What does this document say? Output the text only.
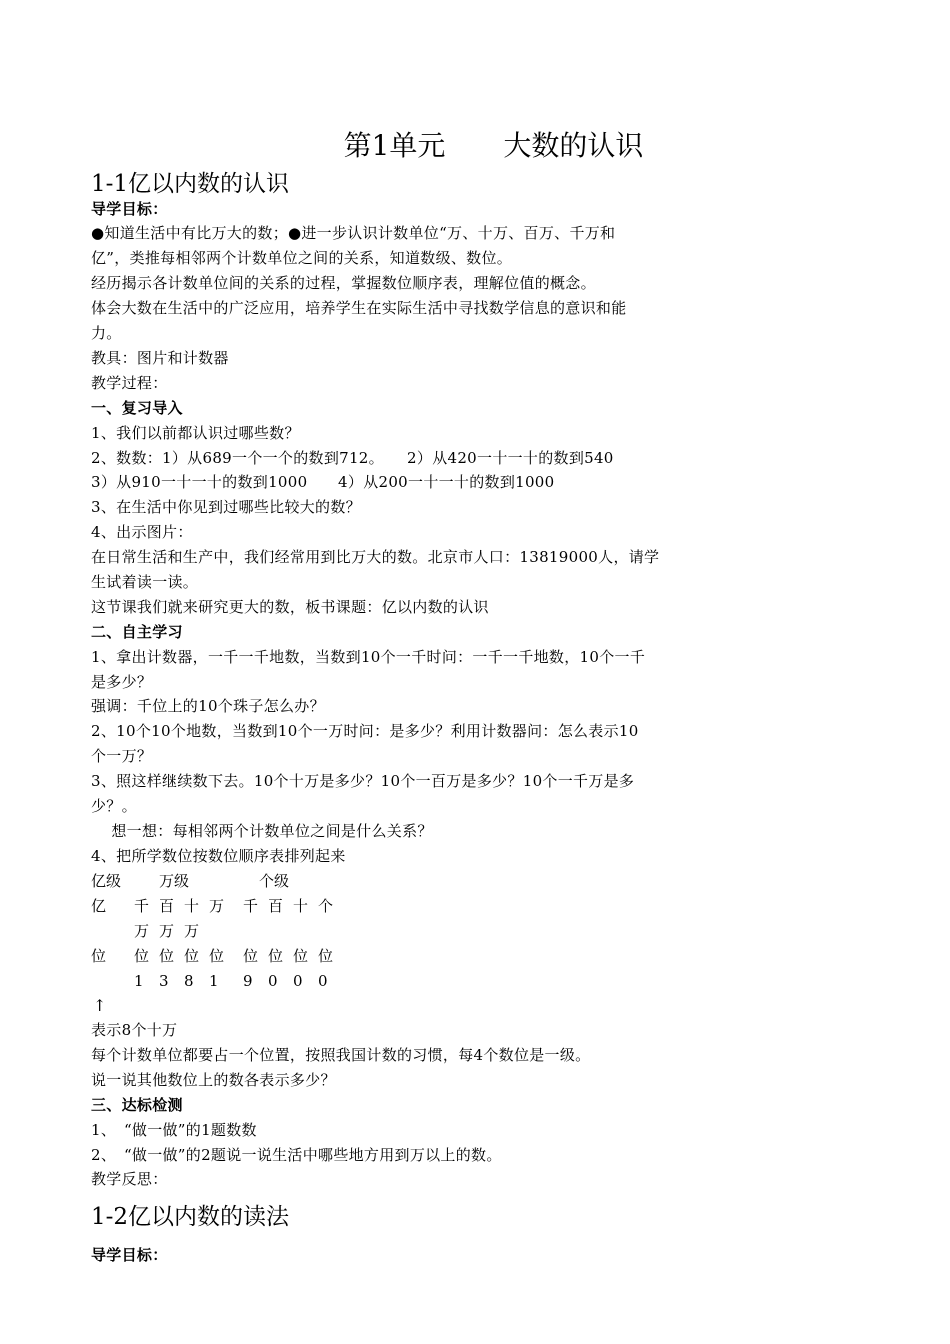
第1单元 大数的认识
1-1亿以内数的认识
导学目标：
●知道生活中有比万大的数；●进一步认识计数单位“万、十万、百万、千万和
亿”，类推每相邻两个计数单位之间的关系，知道数级、数位。
经历揭示各计数单位间的关系的过程，掌握数位顺序表，理解位值的概念。
体会大数在生活中的广泛应用，培养学生在实际生活中寻找数学信息的意识和能
力。
教具：图片和计数器
教学过程：
一、复习导入
1、我们以前都认识过哪些数？
2、数数：1）从689一个一个的数到712。　　2）从420一十一十的数到540
3）从910一十一十的数到1000　　4）从200一十一十的数到1000
3、在生活中你见到过哪些比较大的数？
4、出示图片：
在日常生活和生产中，我们经常用到比万大的数。北京市人口：13819000人，请学
生试着读一读。
这节课我们就来研究更大的数，板书课题：亿以内数的认识
二、自主学习
1、拿出计数器，一千一千地数，当数到10个一千时问：一千一千地数，10个一千
是多少？
强调：千位上的10个珠子怎么办？
2、10个10个地数，当数到10个一万时问：是多少？利用计数器问：怎么表示10
个一万？
3、照这样继续数下去。10个十万是多少？10个一百万是多少？10个一千万是多
少？。
　 想一想：每相邻两个计数单位之间是什么关系？
4、把所学数位按数位顺序表排列起来
亿级	万级	个级
亿 千 百 十 万 千 百 十 个
万 万 万
位 位 位 位 位 位 位 位 位
1 3 8 1 9 0 0 0
↑
表示8个十万
每个计数单位都要占一个位置，按照我国计数的习惯，每4个数位是一级。
说一说其他数位上的数各表示多少？
三、达标检测
1、　“做一做”的1题数数
2、　“做一做”的2题说一说生活中哪些地方用到万以上的数。
教学反思：
1-2亿以内数的读法
导学目标：
